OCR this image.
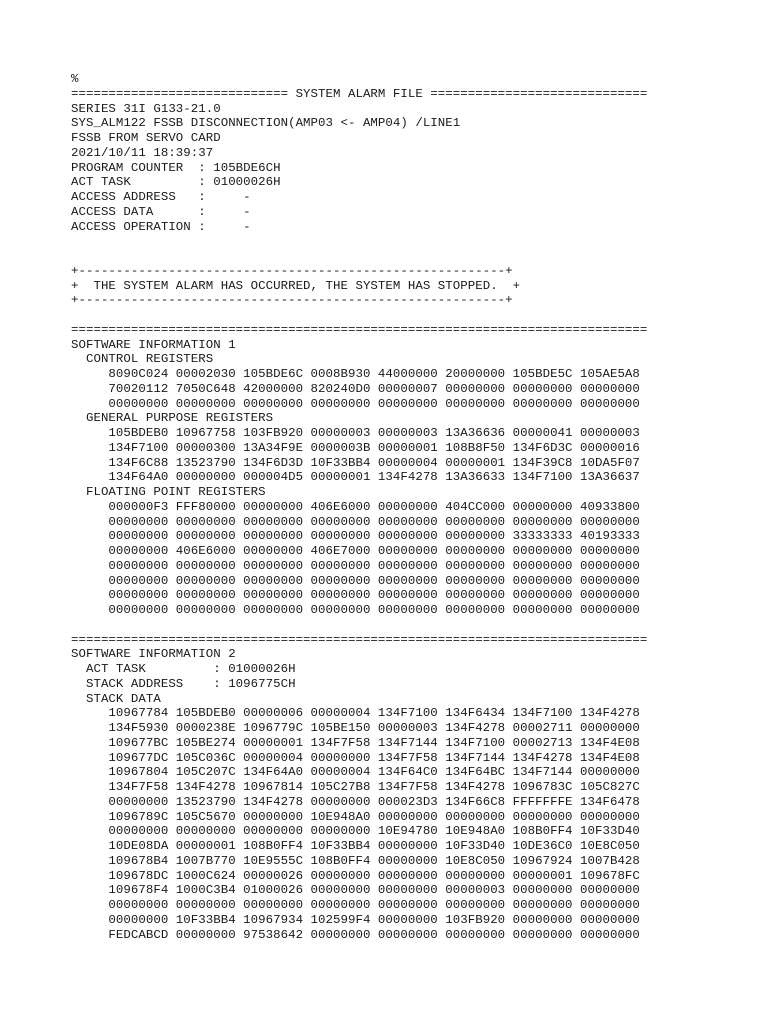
%
============================= SYSTEM ALARM FILE =============================
SERIES 31I G133-21.0
SYS_ALM122 FSSB DISCONNECTION(AMP03 <- AMP04) /LINE1
FSSB FROM SERVO CARD
2021/10/11 18:39:37
PROGRAM COUNTER  : 105BDE6CH
ACT TASK         : 01000026H
ACCESS ADDRESS   :     -
ACCESS DATA      :     -
ACCESS OPERATION :     -
+---------------------------------------------------------+
+  THE SYSTEM ALARM HAS OCCURRED, THE SYSTEM HAS STOPPED.  +
+---------------------------------------------------------+
=============================================================================
SOFTWARE INFORMATION 1
CONTROL REGISTERS
8090C024 00002030 105BDE6C 0008B930 44000000 20000000 105BDE5C 105AE5A8
70020112 7050C648 42000000 820240D0 00000007 00000000 00000000 00000000
00000000 00000000 00000000 00000000 00000000 00000000 00000000 00000000
GENERAL PURPOSE REGISTERS
105BDEB0 10967758 103FB920 00000003 00000003 13A36636 00000041 00000003
134F7100 00000300 13A34F9E 0000003B 00000001 108B8F50 134F6D3C 00000016
134F6C88 13523790 134F6D3D 10F33BB4 00000004 00000001 134F39C8 10DA5F07
134F64A0 00000000 000004D5 00000001 134F4278 13A36633 134F7100 13A36637
FLOATING POINT REGISTERS
000000F3 FFF80000 00000000 406E6000 00000000 404CC000 00000000 40933800
00000000 00000000 00000000 00000000 00000000 00000000 00000000 00000000
00000000 00000000 00000000 00000000 00000000 00000000 33333333 40193333
00000000 406E6000 00000000 406E7000 00000000 00000000 00000000 00000000
00000000 00000000 00000000 00000000 00000000 00000000 00000000 00000000
00000000 00000000 00000000 00000000 00000000 00000000 00000000 00000000
00000000 00000000 00000000 00000000 00000000 00000000 00000000 00000000
00000000 00000000 00000000 00000000 00000000 00000000 00000000 00000000
=============================================================================
SOFTWARE INFORMATION 2
ACT TASK         : 01000026H
STACK ADDRESS    : 1096775CH
STACK DATA
10967784 105BDEB0 00000006 00000004 134F7100 134F6434 134F7100 134F4278
134F5930 0000238E 1096779C 105BE150 00000003 134F4278 00002711 00000000
109677BC 105BE274 00000001 134F7F58 134F7144 134F7100 00002713 134F4E08
109677DC 105C036C 00000004 00000000 134F7F58 134F7144 134F4278 134F4E08
10967804 105C207C 134F64A0 00000004 134F64C0 134F64BC 134F7144 00000000
134F7F58 134F4278 10967814 105C27B8 134F7F58 134F4278 1096783C 105C827C
00000000 13523790 134F4278 00000000 000023D3 134F66C8 FFFFFFFE 134F6478
1096789C 105C5670 00000000 10E948A0 00000000 00000000 00000000 00000000
00000000 00000000 00000000 00000000 10E94780 10E948A0 108B0FF4 10F33D40
10DE08DA 00000001 108B0FF4 10F33BB4 00000000 10F33D40 10DE36C0 10E8C050
109678B4 1007B770 10E9555C 108B0FF4 00000000 10E8C050 10967924 1007B428
109678DC 1000C624 00000026 00000000 00000000 00000000 00000001 109678FC
109678F4 1000C3B4 01000026 00000000 00000000 00000003 00000000 00000000
00000000 00000000 00000000 00000000 00000000 00000000 00000000 00000000
00000000 10F33BB4 10967934 102599F4 00000000 103FB920 00000000 00000000
FEDCABCD 00000000 97538642 00000000 00000000 00000000 00000000 00000000
